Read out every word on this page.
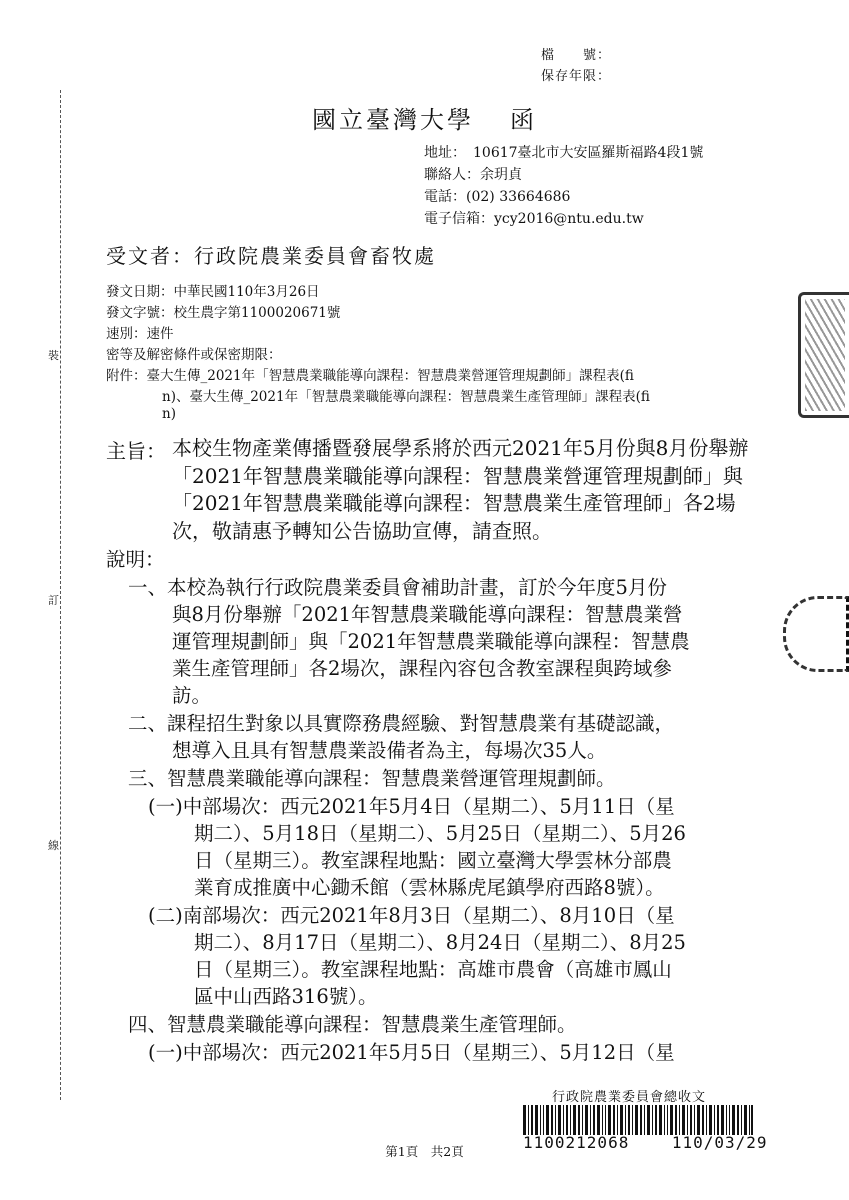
裝
訂
線
檔　　號：
保存年限：
國立臺灣大學 函
地址：　10617臺北市大安區羅斯福路4段1號
聯絡人：余玥貞
電話：(02) 33664686
電子信箱：ycy2016@ntu.edu.tw
受文者：行政院農業委員會畜牧處
發文日期：中華民國110年3月26日
發文字號：校生農字第1100020671號
速別：速件
密等及解密條件或保密期限：
附件：臺大生傳_2021年「智慧農業職能導向課程：智慧農業營運管理規劃師」課程表(fi
n)、臺大生傳_2021年「智慧農業職能導向課程：智慧農業生產管理師」課程表(fi
n)
主旨： 本校生物產業傳播暨發展學系將於西元2021年5月份與8月份舉辦「2021年智慧農業職能導向課程：智慧農業營運管理規劃師」與「2021年智慧農業職能導向課程：智慧農業生產管理師」各2場次，敬請惠予轉知公告協助宣傳，請查照。
說明：
一、本校為執行行政院農業委員會補助計畫，訂於今年度5月份
與8月份舉辦「2021年智慧農業職能導向課程：智慧農業營
運管理規劃師」與「2021年智慧農業職能導向課程：智慧農
業生產管理師」各2場次，課程內容包含教室課程與跨域參
訪。
二、課程招生對象以具實際務農經驗、對智慧農業有基礎認識，
想導入且具有智慧農業設備者為主，每場次35人。
三、智慧農業職能導向課程：智慧農業營運管理規劃師。
(一)中部場次：西元2021年5月4日（星期二）、5月11日（星
期二）、5月18日（星期二）、5月25日（星期二）、5月26
日（星期三）。教室課程地點：國立臺灣大學雲林分部農
業育成推廣中心鋤禾館（雲林縣虎尾鎮學府西路8號）。
(二)南部場次：西元2021年8月3日（星期二）、8月10日（星
期二）、8月17日（星期二）、8月24日（星期二）、8月25
日（星期三）。教室課程地點：高雄市農會（高雄市鳳山
區中山西路316號）。
四、智慧農業職能導向課程：智慧農業生產管理師。
(一)中部場次：西元2021年5月5日（星期三）、5月12日（星
第1頁　共2頁
行政院農業委員會總收文
1100212068	110/03/29
